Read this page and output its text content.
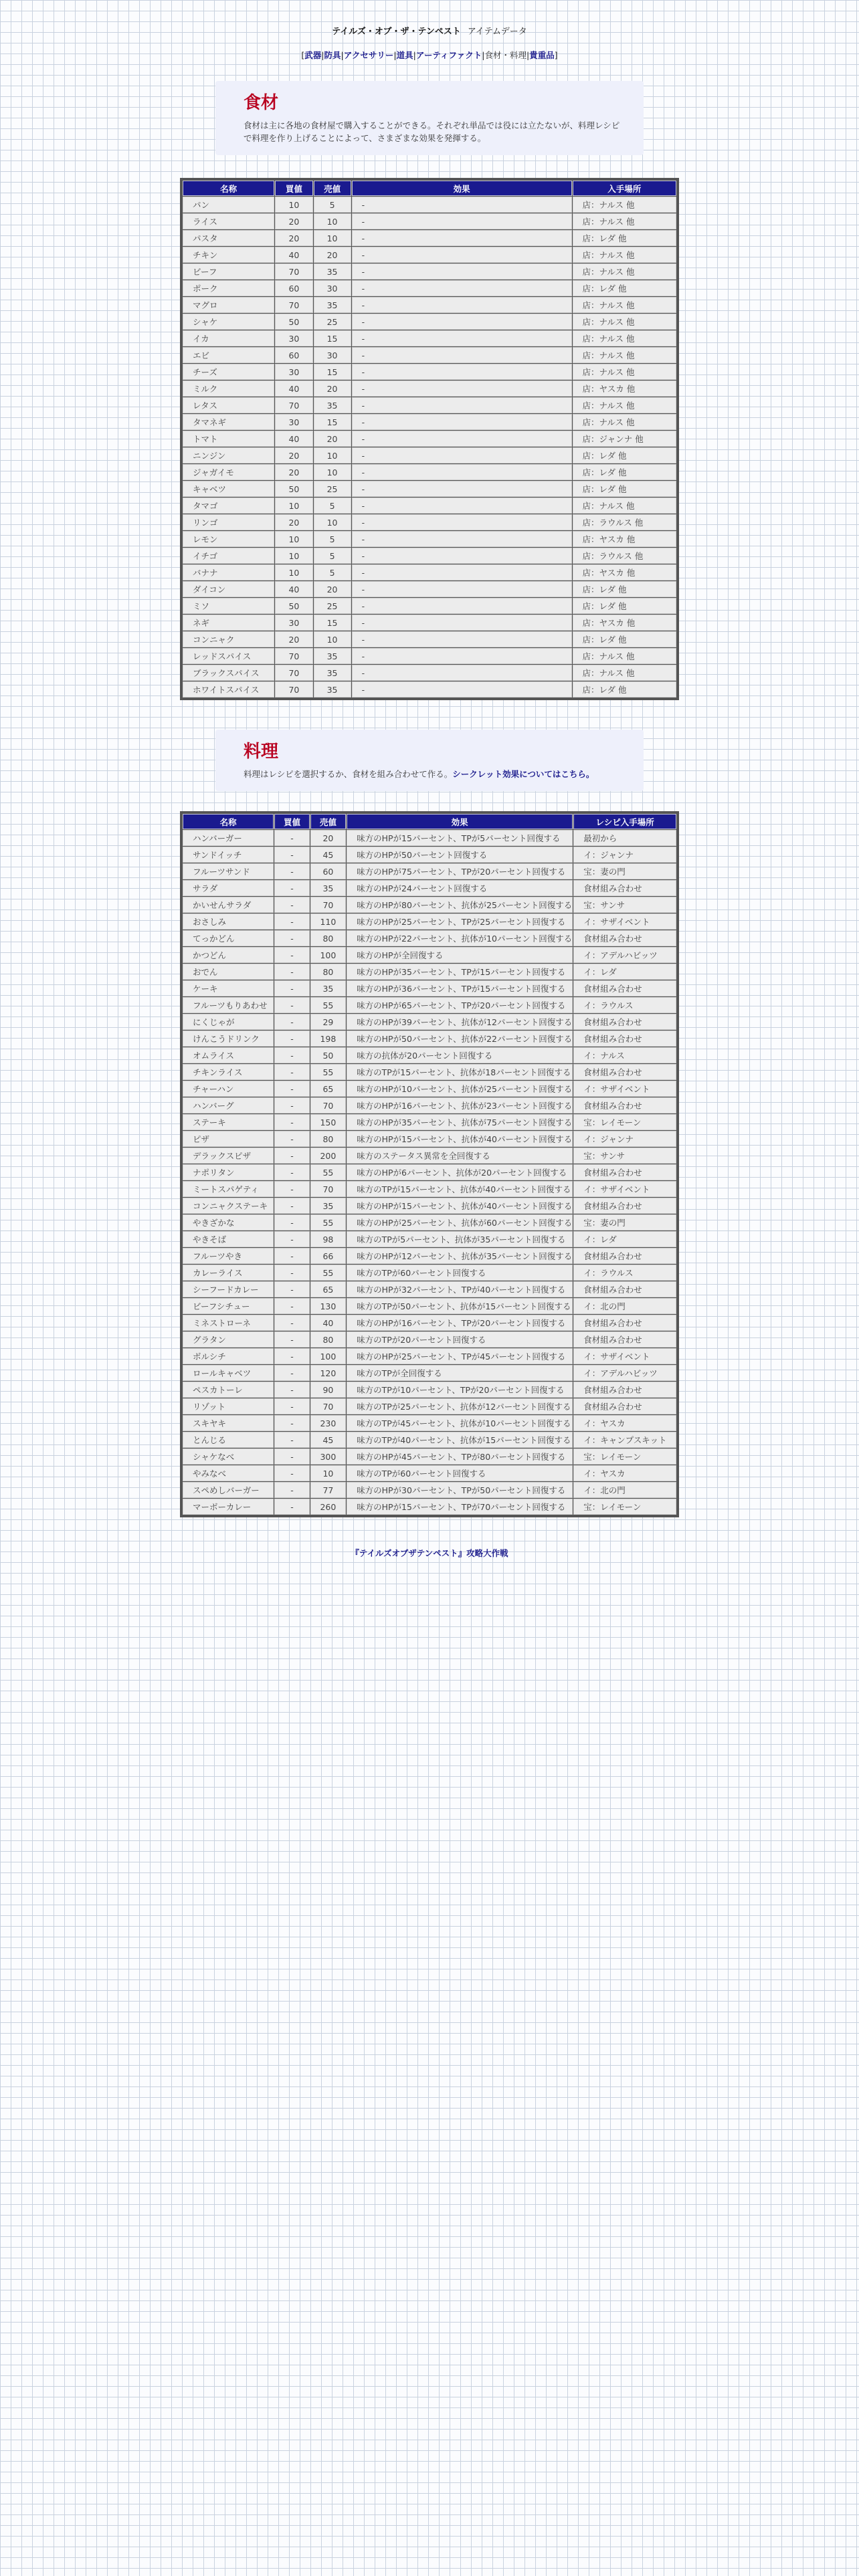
テイルズ・オブ・ザ・テンペスト アイテムデータ
[武器|防具|アクセサリー|道具|アーティファクト|食材・料理|貴重品]
食材

食材は主に各地の食材屋で購入することができる。それぞれ単品では役には立たないが、料理レシピで料理を作り上げることによって、さまざまな効果を発揮する。

名称	買値	売値	効果	入手場所
パン	10	5	-	店：ナルス 他
ライス	20	10	-	店：ナルス 他
パスタ	20	10	-	店：レダ 他
チキン	40	20	-	店：ナルス 他
ビーフ	70	35	-	店：ナルス 他
ポーク	60	30	-	店：レダ 他
マグロ	70	35	-	店：ナルス 他
シャケ	50	25	-	店：ナルス 他
イカ	30	15	-	店：ナルス 他
エビ	60	30	-	店：ナルス 他
チーズ	30	15	-	店：ナルス 他
ミルク	40	20	-	店：ヤスカ 他
レタス	70	35	-	店：ナルス 他
タマネギ	30	15	-	店：ナルス 他
トマト	40	20	-	店：ジャンナ 他
ニンジン	20	10	-	店：レダ 他
ジャガイモ	20	10	-	店：レダ 他
キャベツ	50	25	-	店：レダ 他
タマゴ	10	5	-	店：ナルス 他
リンゴ	20	10	-	店：ラウルス 他
レモン	10	5	-	店：ヤスカ 他
イチゴ	10	5	-	店：ラウルス 他
バナナ	10	5	-	店：ヤスカ 他
ダイコン	40	20	-	店：レダ 他
ミソ	50	25	-	店：レダ 他
ネギ	30	15	-	店：ヤスカ 他
コンニャク	20	10	-	店：レダ 他
レッドスパイス	70	35	-	店：ナルス 他
ブラックスパイス	70	35	-	店：ナルス 他
ホワイトスパイス	70	35	-	店：レダ 他
料理

料理はレシピを選択するか、食材を組み合わせて作る。シークレット効果についてはこちら。

名称	買値	売値	効果	レシピ入手場所
ハンバーガー	-	20	味方のHPが15パーセント、TPが5パーセント回復する	最初から
サンドイッチ	-	45	味方のHPが50パーセント回復する	イ：ジャンナ
フルーツサンド	-	60	味方のHPが75パーセント、TPが20パーセント回復する	宝：妻の門
サラダ	-	35	味方のHPが24パーセント回復する	食材組み合わせ
かいせんサラダ	-	70	味方のHPが80パーセント、抗体が25パーセント回復する	宝：サンサ
おさしみ	-	110	味方のHPが25パーセント、TPが25パーセント回復する	イ：サザイベント
てっかどん	-	80	味方のHPが22パーセント、抗体が10パーセント回復する	食材組み合わせ
かつどん	-	100	味方のHPが全回復する	イ：アデルハビッツ
おでん	-	80	味方のHPが35パーセント、TPが15パーセント回復する	イ：レダ
ケーキ	-	35	味方のHPが36パーセント、TPが15パーセント回復する	食材組み合わせ
フルーツもりあわせ	-	55	味方のHPが65パーセント、TPが20パーセント回復する	イ：ラウルス
にくじゃが	-	29	味方のHPが39パーセント、抗体が12パーセント回復する	食材組み合わせ
けんこうドリンク	-	198	味方のHPが50パーセント、抗体が22パーセント回復する	食材組み合わせ
オムライス	-	50	味方の抗体が20パーセント回復する	イ：ナルス
チキンライス	-	55	味方のTPが15パーセント、抗体が18パーセント回復する	食材組み合わせ
チャーハン	-	65	味方のHPが10パーセント、抗体が25パーセント回復する	イ：サザイベント
ハンバーグ	-	70	味方のHPが16パーセント、抗体が23パーセント回復する	食材組み合わせ
ステーキ	-	150	味方のHPが35パーセント、抗体が75パーセント回復する	宝：レイモーン
ピザ	-	80	味方のHPが15パーセント、抗体が40パーセント回復する	イ：ジャンナ
デラックスピザ	-	200	味方のステータス異常を全回復する	宝：サンサ
ナポリタン	-	55	味方のHPが6パーセント、抗体が20パーセント回復する	食材組み合わせ
ミートスパゲティ	-	70	味方のTPが15パーセント、抗体が40パーセント回復する	イ：サザイベント
コンニャクステーキ	-	35	味方のHPが15パーセント、抗体が40パーセント回復する	食材組み合わせ
やきざかな	-	55	味方のHPが25パーセント、抗体が60パーセント回復する	宝：妻の門
やきそば	-	98	味方のTPが5パーセント、抗体が35パーセント回復する	イ：レダ
フルーツやき	-	66	味方のHPが12パーセント、抗体が35パーセント回復する	食材組み合わせ
カレーライス	-	55	味方のTPが60パーセント回復する	イ：ラウルス
シーフードカレー	-	65	味方のHPが32パーセント、TPが40パーセント回復する	食材組み合わせ
ビーフシチュー	-	130	味方のTPが50パーセント、抗体が15パーセント回復する	イ：北の門
ミネストローネ	-	40	味方のHPが16パーセント、TPが20パーセント回復する	食材組み合わせ
グラタン	-	80	味方のTPが20パーセント回復する	食材組み合わせ
ボルシチ	-	100	味方のHPが25パーセント、TPが45パーセント回復する	イ：サザイベント
ロールキャベツ	-	120	味方のTPが全回復する	イ：アデルハビッツ
ペスカトーレ	-	90	味方のTPが10パーセント、TPが20パーセント回復する	食材組み合わせ
リゾット	-	70	味方のTPが25パーセント、抗体が12パーセント回復する	食材組み合わせ
スキヤキ	-	230	味方のTPが45パーセント、抗体が10パーセント回復する	イ：ヤスカ
とんじる	-	45	味方のTPが40パーセント、抗体が15パーセント回復する	イ：キャンプスキット
シャケなべ	-	300	味方のHPが45パーセント、TPが80パーセント回復する	宝：レイモーン
やみなべ	-	10	味方のTPが60パーセント回復する	イ：ヤスカ
スペめしバーガー	-	77	味方のHPが30パーセント、TPが50パーセント回復する	イ：北の門
マーボーカレー	-	260	味方のHPが15パーセント、TPが70パーセント回復する	宝：レイモーン
『テイルズオブザテンペスト』攻略大作戦
